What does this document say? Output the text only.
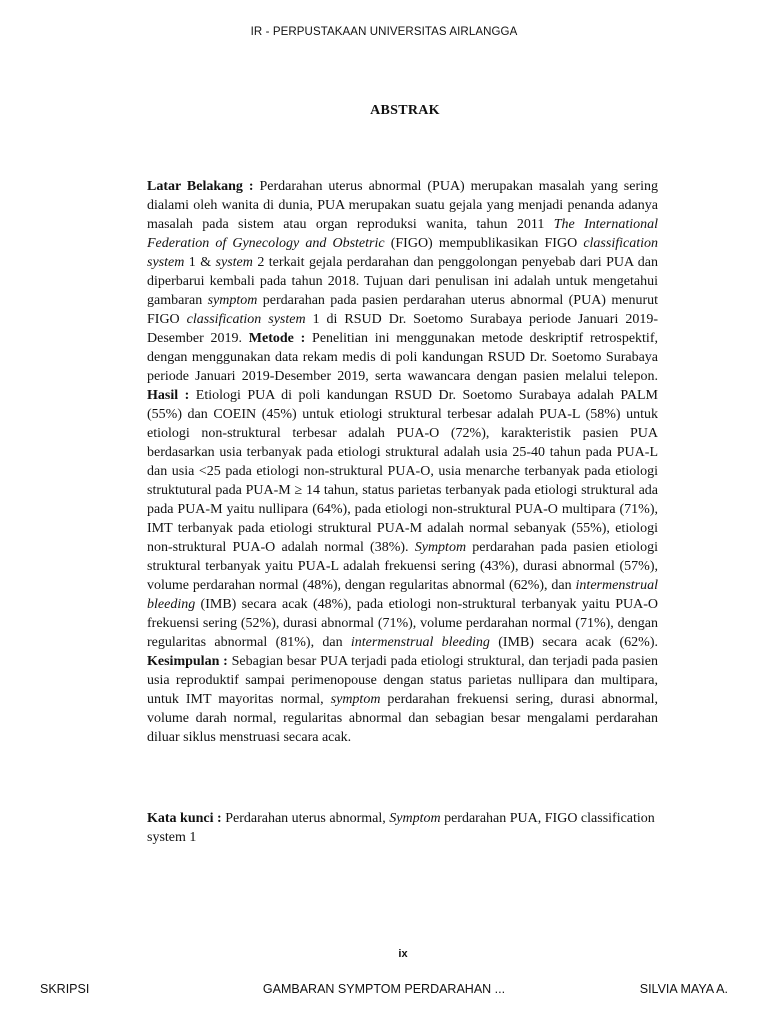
IR - PERPUSTAKAAN UNIVERSITAS AIRLANGGA
ABSTRAK

Latar Belakang : Perdarahan uterus abnormal (PUA) merupakan masalah yang sering dialami oleh wanita di dunia, PUA merupakan suatu gejala yang menjadi penanda adanya masalah pada sistem atau organ reproduksi wanita, tahun 2011 The International Federation of Gynecology and Obstetric (FIGO) mempublikasikan FIGO classification system 1 & system 2 terkait gejala perdarahan dan penggolongan penyebab dari PUA dan diperbarui kembali pada tahun 2018. Tujuan dari penulisan ini adalah untuk mengetahui gambaran symptom perdarahan pada pasien perdarahan uterus abnormal (PUA) menurut FIGO classification system 1 di RSUD Dr. Soetomo Surabaya periode Januari 2019-Desember 2019. Metode : Penelitian ini menggunakan metode deskriptif retrospektif, dengan menggunakan data rekam medis di poli kandungan RSUD Dr. Soetomo Surabaya periode Januari 2019-Desember 2019, serta wawancara dengan pasien melalui telepon. Hasil : Etiologi PUA di poli kandungan RSUD Dr. Soetomo Surabaya adalah PALM (55%) dan COEIN (45%) untuk etiologi struktural terbesar adalah PUA-L (58%) untuk etiologi non-struktural terbesar adalah PUA-O (72%), karakteristik pasien PUA berdasarkan usia terbanyak pada etiologi struktural adalah usia 25-40 tahun pada PUA-L dan usia <25 pada etiologi non-struktural PUA-O, usia menarche terbanyak pada etiologi struktutural pada PUA-M ≥ 14 tahun, status parietas terbanyak pada etiologi struktural ada pada PUA-M yaitu nullipara (64%), pada etiologi non-struktural PUA-O multipara (71%), IMT terbanyak pada etiologi struktural PUA-M adalah normal sebanyak (55%), etiologi non-struktural PUA-O adalah normal (38%). Symptom perdarahan pada pasien etiologi struktural terbanyak yaitu PUA-L adalah frekuensi sering (43%), durasi abnormal (57%), volume perdarahan normal (48%), dengan regularitas abnormal (62%), dan intermenstrual bleeding (IMB) secara acak (48%), pada etiologi non-struktural terbanyak yaitu PUA-O frekuensi sering (52%), durasi abnormal (71%), volume perdarahan normal (71%), dengan regularitas abnormal (81%), dan intermenstrual bleeding (IMB) secara acak (62%). Kesimpulan : Sebagian besar PUA terjadi pada etiologi struktural, dan terjadi pada pasien usia reproduktif sampai perimenopouse dengan status parietas nullipara dan multipara, untuk IMT mayoritas normal, symptom perdarahan frekuensi sering, durasi abnormal, volume darah normal, regularitas abnormal dan sebagian besar mengalami perdarahan diluar siklus menstruasi secara acak.

Kata kunci : Perdarahan uterus abnormal, Symptom perdarahan PUA, FIGO classification system 1

ix
SKRIPSI	GAMBARAN SYMPTOM PERDARAHAN ...	SILVIA MAYA A.
